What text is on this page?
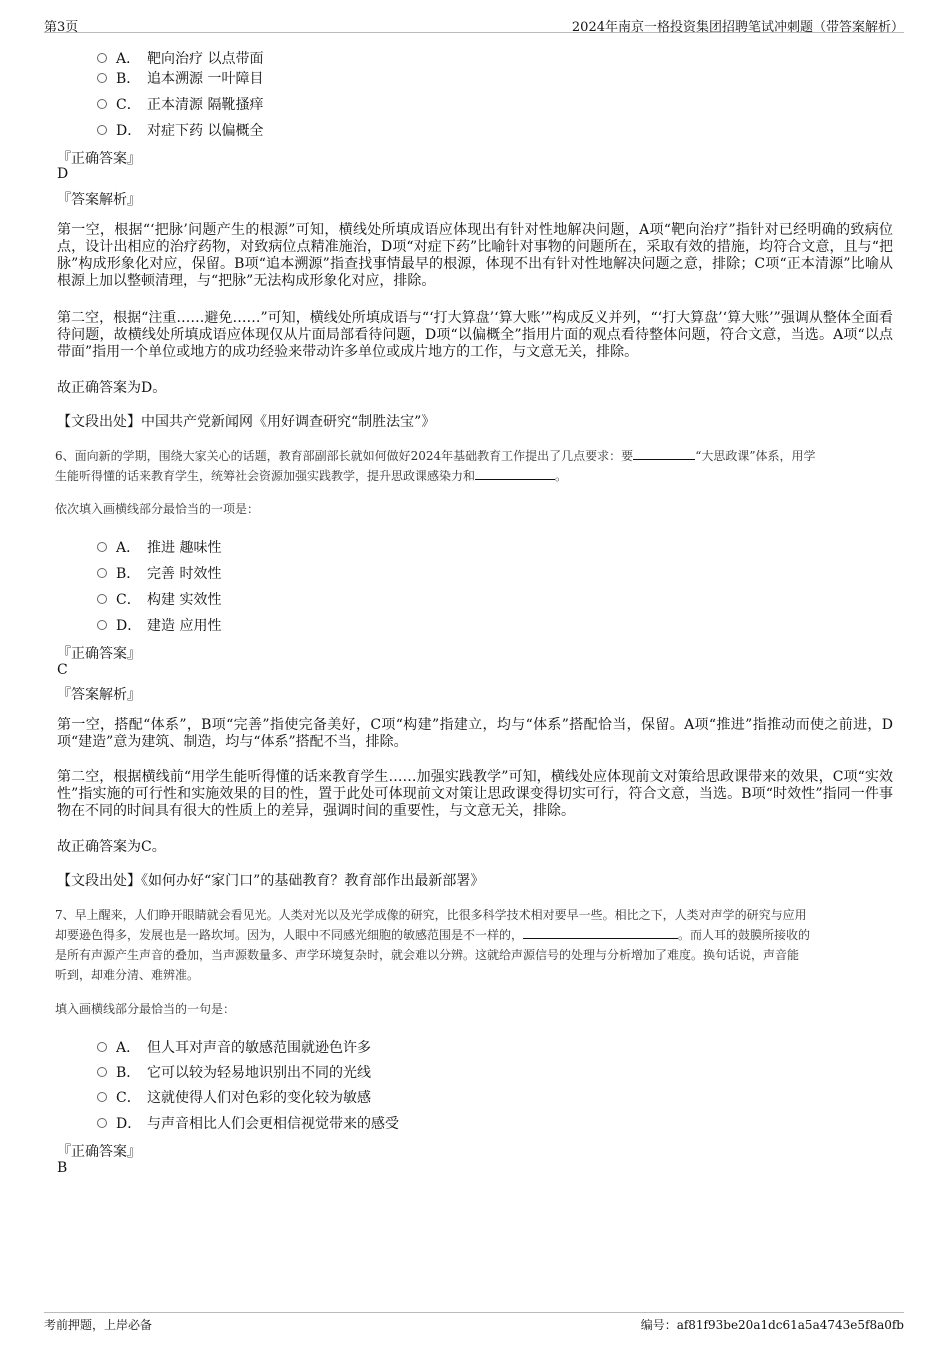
第3页	2024年南京一格投资集团招聘笔试冲刺题（带答案解析）
A． 靶向治疗 以点带面
B． 追本溯源 一叶障目
C． 正本清源 隔靴搔痒
D． 对症下药 以偏概全
『正确答案』
D
『答案解析』
第一空，根据“‘把脉’问题产生的根源”可知，横线处所填成语应体现出有针对性地解决问题，A项“靶向治疗”指针对已经明确的致病位点，设计出相应的治疗药物，对致病位点精准施治，D项“对症下药”比喻针对事物的问题所在，采取有效的措施，均符合文意，且与“把脉”构成形象化对应，保留。B项“追本溯源”指查找事情最早的根源，体现不出有针对性地解决问题之意，排除；C项“正本清源”比喻从根源上加以整顿清理，与“把脉”无法构成形象化对应，排除。
第二空，根据“注重……避免……”可知，横线处所填成语与“‘打大算盘’‘算大账’”构成反义并列，“‘打大算盘’‘算大账’”强调从整体全面看待问题，故横线处所填成语应体现仅从片面局部看待问题，D项“以偏概全”指用片面的观点看待整体问题，符合文意，当选。A项“以点带面”指用一个单位或地方的成功经验来带动许多单位或成片地方的工作，与文意无关，排除。
故正确答案为D。
【文段出处】中国共产党新闻网《用好调查研究“制胜法宝”》
6、面向新的学期，围绕大家关心的话题，教育部副部长就如何做好2024年基础教育工作提出了几点要求：要	“大思政课”体系，用学
生能听得懂的话来教育学生，统筹社会资源加强实践教学，提升思政课感染力和	。
依次填入画横线部分最恰当的一项是：
A． 推进 趣味性
B． 完善 时效性
C． 构建 实效性
D． 建造 应用性
『正确答案』
C
『答案解析』
第一空，搭配“体系”，B项“完善”指使完备美好，C项“构建”指建立，均与“体系”搭配恰当，保留。A项“推进”指推动而使之前进，D项“建造”意为建筑、制造，均与“体系”搭配不当，排除。
第二空，根据横线前“用学生能听得懂的话来教育学生……加强实践教学”可知，横线处应体现前文对策给思政课带来的效果，C项“实效性”指实施的可行性和实施效果的目的性，置于此处可体现前文对策让思政课变得切实可行，符合文意，当选。B项“时效性”指同一件事物在不同的时间具有很大的性质上的差异，强调时间的重要性，与文意无关，排除。
故正确答案为C。
【文段出处】《如何办好“家门口”的基础教育？教育部作出最新部署》
7、早上醒来，人们睁开眼睛就会看见光。人类对光以及光学成像的研究，比很多科学技术相对要早一些。相比之下，人类对声学的研究与应用
却要逊色得多，发展也是一路坎坷。因为，人眼中不同感光细胞的敏感范围是不一样的，	。而人耳的鼓膜所接收的
是所有声源产生声音的叠加，当声源数量多、声学环境复杂时，就会难以分辨。这就给声源信号的处理与分析增加了难度。换句话说，声音能
听到，却难分清、难辨准。
填入画横线部分最恰当的一句是：
A． 但人耳对声音的敏感范围就逊色许多
B． 它可以较为轻易地识别出不同的光线
C． 这就使得人们对色彩的变化较为敏感
D． 与声音相比人们会更相信视觉带来的感受
『正确答案』
B
考前押题，上岸必备	编号：af81f93be20a1dc61a5a4743e5f8a0fb
